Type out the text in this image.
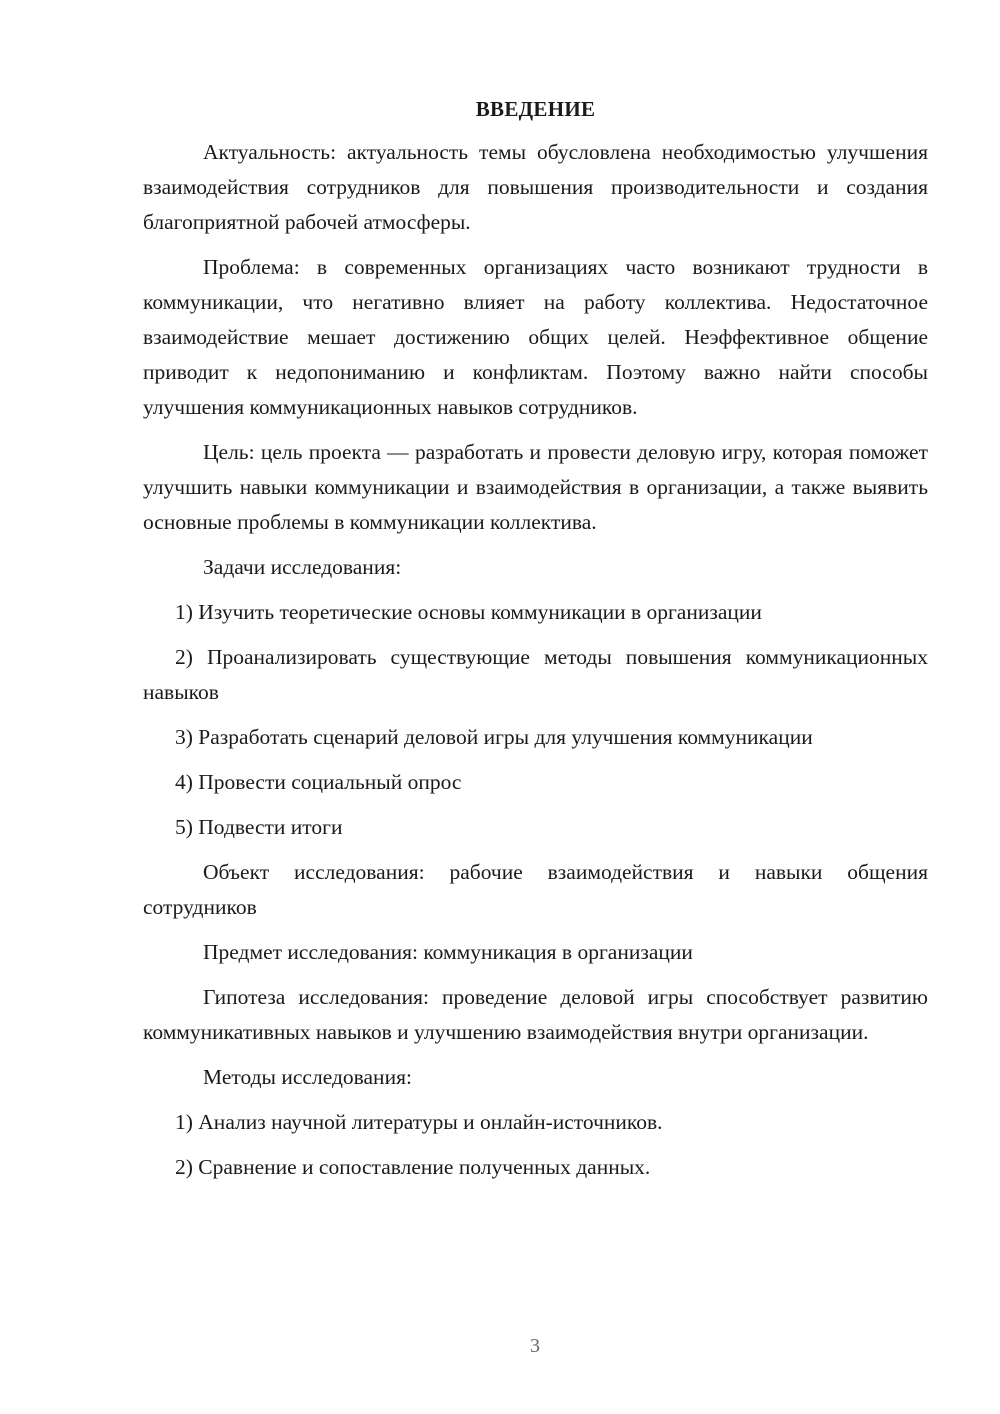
ВВЕДЕНИЕ

Актуальность: актуальность темы обусловлена необходимостью улучшения взаимодействия сотрудников для повышения производительности и создания благоприятной рабочей атмосферы.

Проблема: в современных организациях часто возникают трудности в коммуникации, что негативно влияет на работу коллектива. Недостаточное взаимодействие мешает достижению общих целей. Неэффективное общение приводит к недопониманию и конфликтам. Поэтому важно найти способы улучшения коммуникационных навыков сотрудников.

Цель: цель проекта — разработать и провести деловую игру, которая поможет улучшить навыки коммуникации и взаимодействия в организации, а также выявить основные проблемы в коммуникации коллектива.

Задачи исследования:

1) Изучить теоретические основы коммуникации в организации

2) Проанализировать существующие методы повышения коммуникационных навыков

3) Разработать сценарий деловой игры для улучшения коммуникации

4) Провести социальный опрос

5) Подвести итоги

Объект исследования: рабочие взаимодействия и навыки общения сотрудников

Предмет исследования: коммуникация в организации

Гипотеза исследования: проведение деловой игры способствует развитию коммуникативных навыков и улучшению взаимодействия внутри организации.

Методы исследования:

1) Анализ научной литературы и онлайн-источников.

2) Сравнение и сопоставление полученных данных.

3
